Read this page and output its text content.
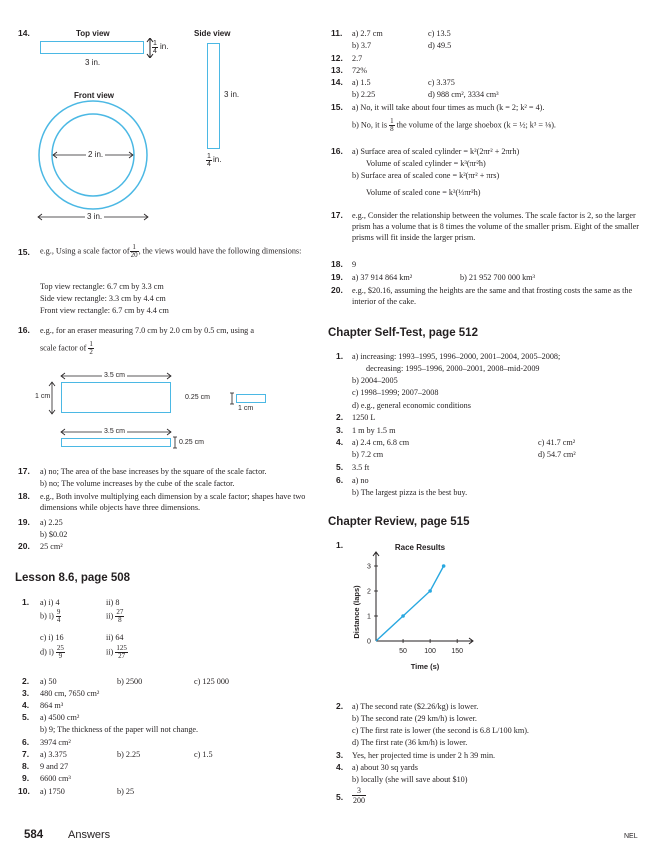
14.	Top view	Side view
$\frac{1}{4}$ in.
3 in.
3 in.
$\frac{1}{4}$ in.
Front view
2 in.
3 in.
15. e.g., Using a scale factor of $\frac{1}{20}$ , the views would have the following dimensions:
Top view rectangle: 6.7 cm by 3.3 cm
Side view rectangle: 3.3 cm by 4.4 cm
Front view rectangle: 6.7 cm by 4.4 cm
16. e.g., for an eraser measuring 7.0 cm by 2.0 cm by 0.5 cm, using a
scale factor of $\frac{1}{2}$
3.5 cm
1 cm	0.25 cm
1 cm
3.5 cm
0.25 cm
17. a) no; The area of the base increases by the square of the scale factor.
b) no; The volume increases by the cube of the scale factor.
18. e.g., Both involve multiplying each dimension by a scale factor; shapes have two dimensions while objects have three dimensions.
19. a) 2.25
b) $0.02
20. 25 cm²
Lesson 8.6, page 508
1. a) i) 4	ii) 8
b) $i) \frac{9}{4}$	$ii) \frac{27}{8}$
c) i) 16	ii) 64
d) $i) \frac{25}{9}$	$ii) \frac{125}{27}$
2. a) 50	b) 2500	c) 125 000
3. 480 cm, 7650 cm²
4. 864 m³
5. a) 4500 cm²
b) 9; The thickness of the paper will not change.
6. 3974 cm²
7. a) 3.375	b) 2.25	c) 1.5
8. 9 and 27
9. 6600 cm³
10. a) 1750	b) 25
11. a) 2.7 cm	c) 13.5
b) 3.7	d) 49.5
12. 2.7
13. 72%
14. a) 1.5	c) 3.375
b) 2.25	d) 988 cm², 3334 cm³
15. a) No, it will take about four times as much (k = 2; k² = 4).
b) No, it is $\frac{1}{8}$ the volume of the large shoebox (k = ½; k³ = ⅛).
16. a) Surface area of scaled cylinder = k²(2πr² + 2πrh)
Volume of scaled cylinder = k³(πr²h)
b) Surface area of scaled cone = k²(πr² + πrs)
Volume of scaled cone = k³(⅓πr²h)
17. e.g., Consider the relationship between the volumes. The scale factor is 2, so the larger prism has a volume that is 8 times the volume of the smaller prism. Eight of the smaller prisms will fit inside the larger prism.
18. 9
19. a) 37 914 864 km²	b) 21 952 700 000 km³
20. e.g., $20.16, assuming the heights are the same and that frosting costs the same as the interior of the cake.
Chapter Self-Test, page 512
1. a) increasing: 1993–1995, 1996–2000, 2001–2004, 2005–2008;
decreasing: 1995–1996, 2000–2001, 2008–mid-2009
b) 2004–2005
c) 1998–1999; 2007–2008
d) e.g., general economic conditions
2. 1250 L
3. 1 m by 1.5 m
4. a) 2.4 cm, 6.8 cm	c) 41.7 cm²
b) 7.2 cm	d) 54.7 cm²
5. 3.5 ft
6. a) no
b) The largest pizza is the best buy.
Chapter Review, page 515
1.	Race Results
Distance (laps)
Time (s)
50 100 150
0
1
2
3
2. a) The second rate ($2.26/kg) is lower.
b) The second rate (29 km/h) is lower.
c) The first rate is lower (the second is 6.8 L/100 km).
d) The first rate (36 km/h) is lower.
3. Yes, her projected time is under 2 h 39 min.
4. a) about 30 sq yards
b) locally (she will save about $10)
5. $\frac{3}{200}$
584 Answers	NEL
